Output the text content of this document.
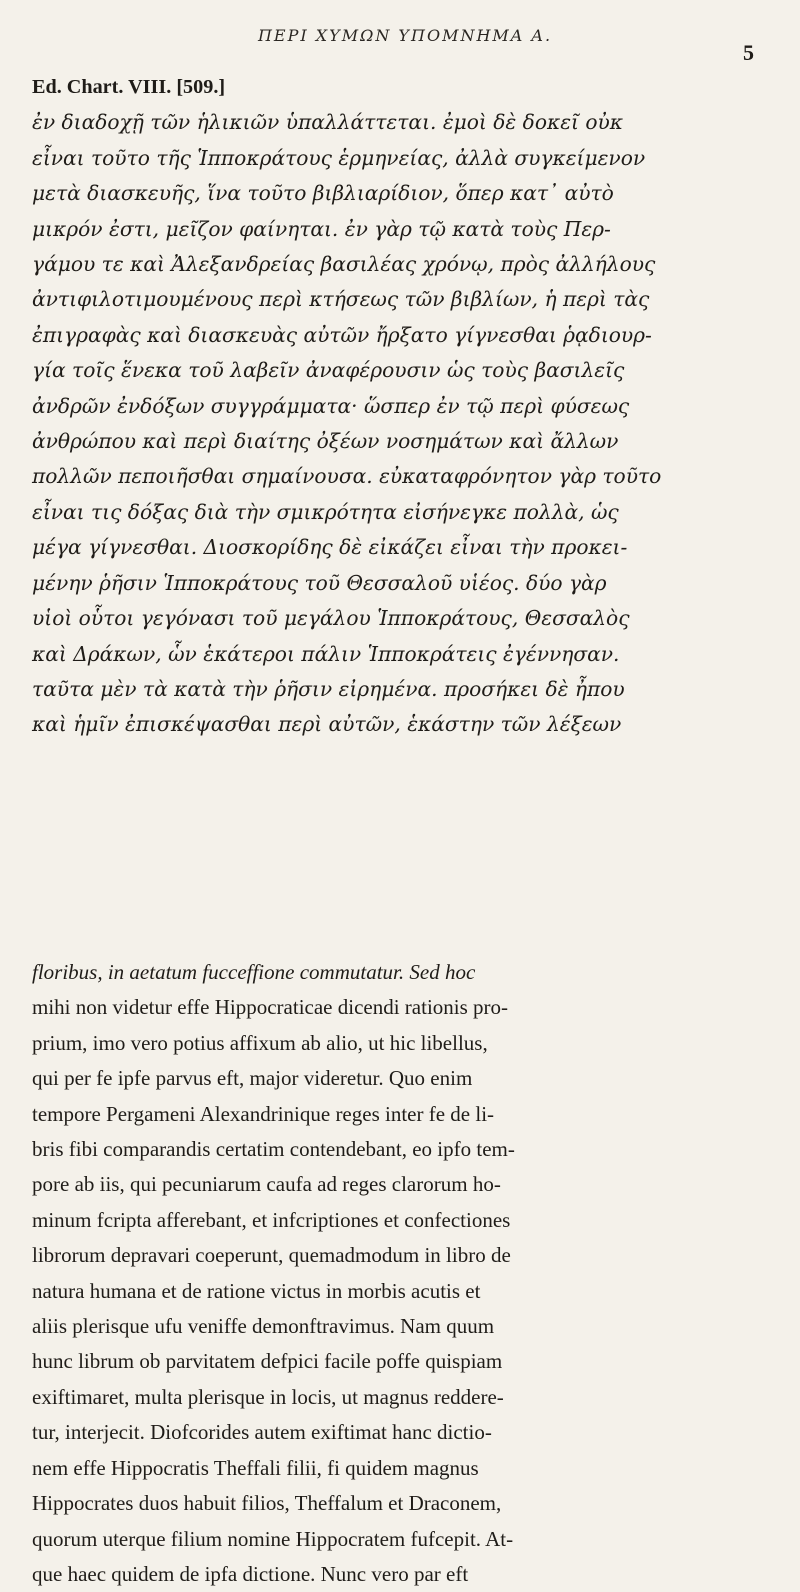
ΠΕΡΙ ΧΥΜΩΝ ΥΠΟΜΝΗΜΑ Α.
5
Ed. Chart. VIII. [509.]
ἐν διαδοχῇ τῶν ἡλικιῶν ὑπαλλάττεται. ἐμοὶ δὲ δοκεῖ οὐκ
εἶναι τοῦτο τῆς Ἱπποκράτους ἑρμηνείας, ἀλλὰ συγκείμενον
μετὰ διασκευῆς, ἵνα τοῦτο βιβλιαρίδιον, ὅπερ κατ᾽ αὐτὸ
μικρόν ἐστι, μεῖζον φαίνηται. ἐν γὰρ τῷ κατὰ τοὺς Περ-
γάμου τε καὶ Ἀλεξανδρείας βασιλέας χρόνῳ, πρὸς ἀλλήλους
ἀντιφιλοτιμουμένους περὶ κτήσεως τῶν βιβλίων, ἡ περὶ τὰς
ἐπιγραφὰς καὶ διασκευὰς αὐτῶν ἤρξατο γίγνεσθαι ῥᾳδιουρ-
γία τοῖς ἕνεκα τοῦ λαβεῖν ἀναφέρουσιν ὡς τοὺς βασιλεῖς
ἀνδρῶν ἐνδόξων συγγράμματα· ὥσπερ ἐν τῷ περὶ φύσεως
ἀνθρώπου καὶ περὶ διαίτης ὀξέων νοσημάτων καὶ ἄλλων
πολλῶν πεποιῆσθαι σημαίνουσα. εὐκαταφρόνητον γὰρ τοῦτο
εἶναι τις δόξας διὰ τὴν σμικρότητα εἰσήνεγκε πολλὰ, ὡς
μέγα γίγνεσθαι. Διοσκορίδης δὲ εἰκάζει εἶναι τὴν προκει-
μένην ῥῆσιν Ἱπποκράτους τοῦ Θεσσαλοῦ υἱέος. δύο γὰρ
υἱοὶ οὗτοι γεγόνασι τοῦ μεγάλου Ἱπποκράτους, Θεσσαλὸς
καὶ Δράκων, ὧν ἑκάτεροι πάλιν Ἱπποκράτεις ἐγέννησαν.
ταῦτα μὲν τὰ κατὰ τὴν ῥῆσιν εἰρημένα. προσήκει δὲ ἦπου
καὶ ἡμῖν ἐπισκέψασθαι περὶ αὐτῶν, ἑκάστην τῶν λέξεων
floribus, in aetatum fucceffione commutatur. Sed hoc
mihi non videtur effe Hippocraticae dicendi rationis pro-
prium, imo vero potius affixum ab alio, ut hic libellus,
qui per fe ipfe parvus eft, major videretur. Quo enim
tempore Pergameni Alexandrinique reges inter fe de li-
bris fibi comparandis certatim contendebant, eo ipfo tem-
pore ab iis, qui pecuniarum caufa ad reges clarorum ho-
minum fcripta afferebant, et infcriptiones et confectiones
librorum depravari coeperunt, quemadmodum in libro de
natura humana et de ratione victus in morbis acutis et
aliis plerisque ufu veniffe demonftravimus. Nam quum
hunc librum ob parvitatem defpici facile poffe quispiam
exiftimaret, multa plerisque in locis, ut magnus reddere-
tur, interjecit. Diofcorides autem exiftimat hanc dictio-
nem effe Hippocratis Theffali filii, fi quidem magnus
Hippocrates duos habuit filios, Theffalum et Draconem,
quorum uterque filium nomine Hippocratem fufcepit. At-
que haec quidem de ipfa dictione. Nunc vero par eft
